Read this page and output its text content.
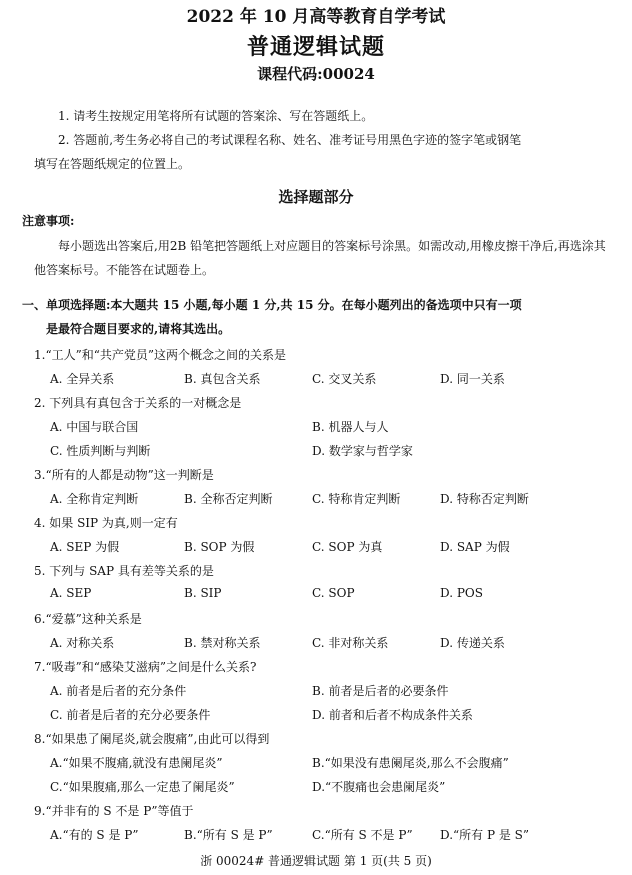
2022 年 10 月高等教育自学考试
普通逻辑试题
课程代码:00024
1. 请考生按规定用笔将所有试题的答案涂、写在答题纸上。
2. 答题前,考生务必将自己的考试课程名称、姓名、准考证号用黑色字迹的签字笔或钢笔
填写在答题纸规定的位置上。
选择题部分
注意事项:
每小题选出答案后,用2B 铅笔把答题纸上对应题目的答案标号涂黑。如需改动,用橡皮擦干净后,再选涂其他答案标号。不能答在试题卷上。
一、单项选择题:本大题共 15 小题,每小题 1 分,共 15 分。在每小题列出的备选项中只有一项
是最符合题目要求的,请将其选出。
1.“工人”和“共产党员”这两个概念之间的关系是
A. 全异关系	B. 真包含关系	C. 交叉关系	D. 同一关系
2. 下列具有真包含于关系的一对概念是
A. 中国与联合国	B. 机器人与人
C. 性质判断与判断	D. 数学家与哲学家
3.“所有的人都是动物”这一判断是
A. 全称肯定判断	B. 全称否定判断	C. 特称肯定判断	D. 特称否定判断
4. 如果 SIP 为真,则一定有
A. SEP 为假	B. SOP 为假	C. SOP 为真	D. SAP 为假
5. 下列与 SAP 具有差等关系的是
A. SEP	B. SIP	C. SOP	D. POS
6.“爱慕”这种关系是
A. 对称关系	B. 禁对称关系	C. 非对称关系	D. 传递关系
7.“吸毒”和“感染艾滋病”之间是什么关系?
A. 前者是后者的充分条件	B. 前者是后者的必要条件
C. 前者是后者的充分必要条件	D. 前者和后者不构成条件关系
8.“如果患了阑尾炎,就会腹痛”,由此可以得到
A.“如果不腹痛,就没有患阑尾炎”	B.“如果没有患阑尾炎,那么不会腹痛”
C.“如果腹痛,那么一定患了阑尾炎”	D.“不腹痛也会患阑尾炎”
9.“并非有的 S 不是 P”等值于
A.“有的 S 是 P”	B.“所有 S 是 P”	C.“所有 S 不是 P” D.“所有 P 是 S”
浙 00024# 普通逻辑试题 第 1 页(共 5 页)
